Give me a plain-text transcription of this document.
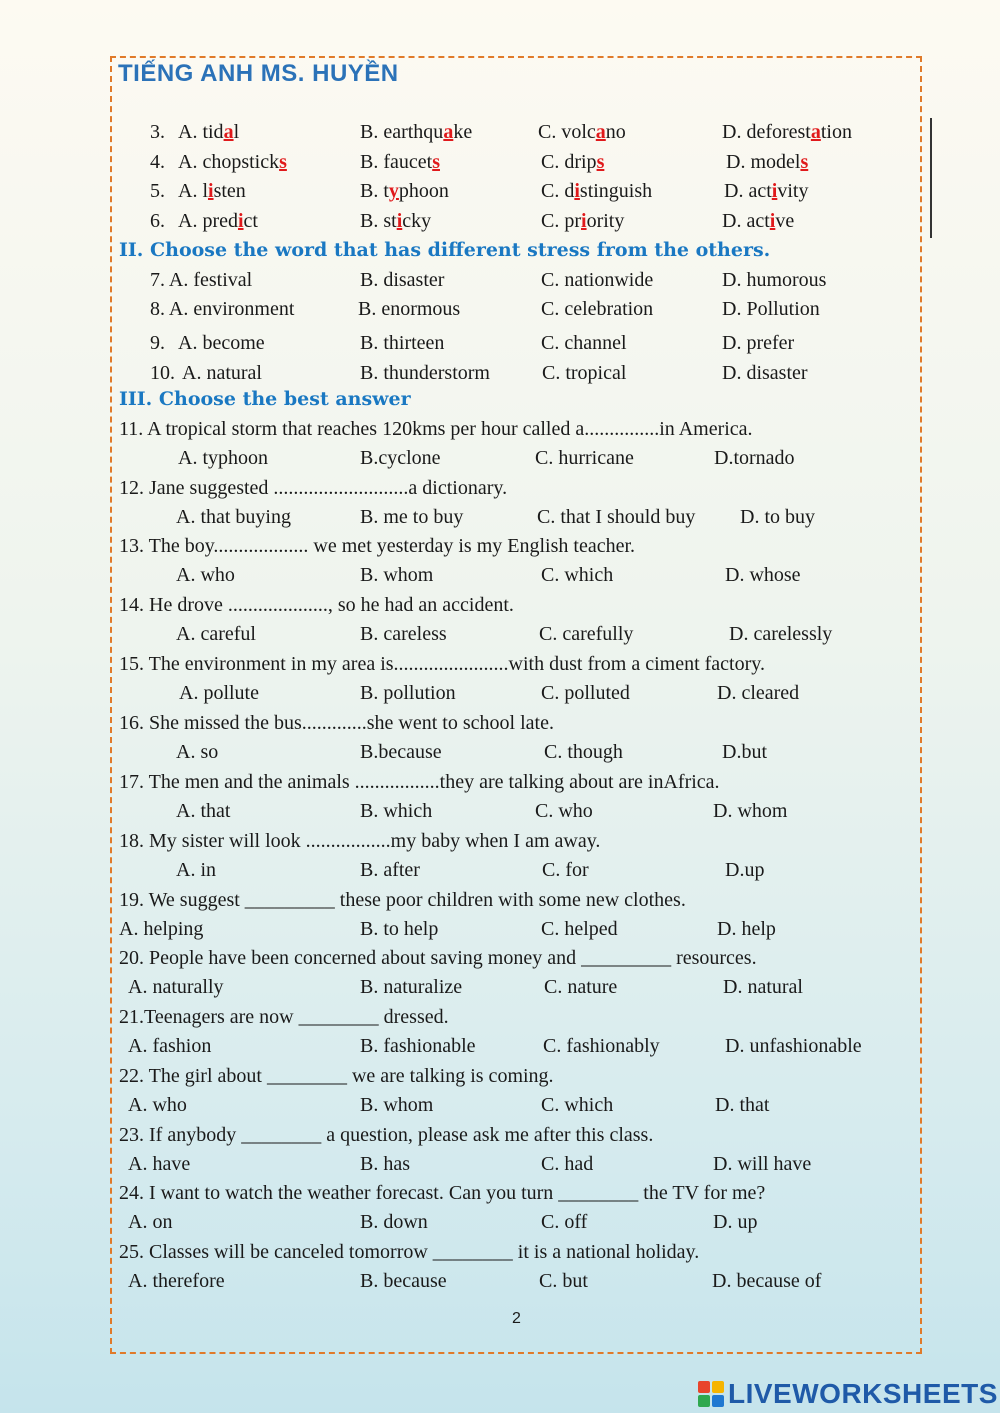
TIẾNG ANH MS. HUYỀN
3. A. tidal	B. earthquake	C. volcano	D. deforestation
4. A. chopsticks	B. faucets	C. drips	D. models
5. A. listen	B. typhoon	C. distinguish	D. activity
6. A. predict	B. sticky	C. priority	D. active
II. Choose the word that has different stress from the others.
7. A. festival	B. disaster	C. nationwide	D. humorous
8. A. environment	B. enormous	C. celebration	D. Pollution
9. A. become	B. thirteen	C. channel	D. prefer
10. A. natural	B. thunderstorm	C. tropical	D. disaster
III. Choose the best answer
11. A tropical storm that reaches 120kms per hour called a...............in America.
A. typhoon	B.cyclone	C. hurricane	D.tornado
12. Jane suggested ...........................a dictionary.
A. that buying	B. me to buy	C. that I should buy D. to buy
13. The boy................... we met yesterday is my English teacher.
A. who	B. whom	C. which	D. whose
14. He drove ...................., so he had an accident.
A. careful	B. careless	C. carefully	D. carelessly
15. The environment in my area is.......................with dust from a ciment factory.
A. pollute	B. pollution	C. polluted	D. cleared
16. She missed the bus.............she went to school late.
A. so	B.because	C. though	D.but
17. The men and the animals .................they are talking about are inAfrica.
A. that	B. which	C. who	D. whom
18. My sister will look .................my baby when I am away.
A. in	B. after	C. for	D.up
19. We suggest _________ these poor children with some new clothes.
A. helping	B. to help	C. helped	D. help
20. People have been concerned about saving money and _________ resources.
A. naturally	B. naturalize	C. nature	D. natural
21.Teenagers are now ________ dressed.
A. fashion	B. fashionable	C. fashionably	D. unfashionable
22. The girl about ________ we are talking is coming.
A. who	B. whom	C. which	D. that
23. If anybody ________ a question, please ask me after this class.
A. have	B. has	C. had	D. will have
24. I want to watch the weather forecast. Can you turn ________ the TV for me?
A. on	B. down	C. off	D. up
25. Classes will be canceled tomorrow ________ it is a national holiday.
A. therefore	B. because	C. but	D. because of
2
LIVEWORKSHEETS
